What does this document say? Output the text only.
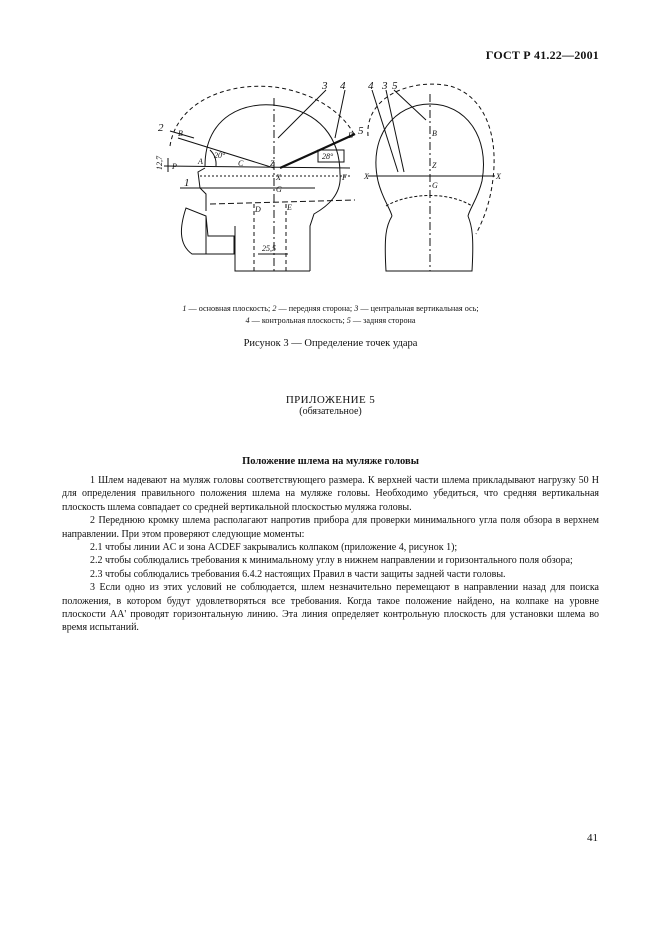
ГОСТ Р 41.22—2001
1
2
3 4
5
3
4 5
A
B	B
C
D	E
F
G
X
Z
P
B
Z
X	X
G
12,7
25,5
20°	28°

1 — основная плоскость; 2 — передняя сторона; 3 — центральная вертикальная ось;

4 — контрольная плоскость; 5 — задняя сторона

Рисунок 3 — Определение точек удара
ПРИЛОЖЕНИЕ 5
(обязательное)
Положение шлема на муляже головы

1 Шлем надевают на муляж головы соответствующего размера. К верхней части шлема прикладывают нагрузку 50 Н для определения правильного положения шлема на муляже головы. Необходимо убедиться, что средняя вертикальная плоскость шлема совпадает со средней вертикальной плоскостью муляжа головы.

2 Переднюю кромку шлема располагают напротив прибора для проверки минимального угла поля обзора в верхнем направлении. При этом проверяют следующие моменты:

2.1 чтобы линии AC и зона ACDEF закрывались колпаком (приложение 4, рисунок 1);

2.2 чтобы соблюдались требования к минимальному углу в нижнем направлении и горизонтального поля обзора;

2.3 чтобы соблюдались требования 6.4.2 настоящих Правил в части защиты задней части головы.

3 Если одно из этих условий не соблюдается, шлем незначительно перемещают в направлении назад для поиска положения, в котором будут удовлетворяться все требования. Когда такое положение найдено, на колпаке на уровне плоскости AA' проводят горизонтальную линию. Эта линия определяет контрольную плоскость для установки шлема во время испытаний.

41
